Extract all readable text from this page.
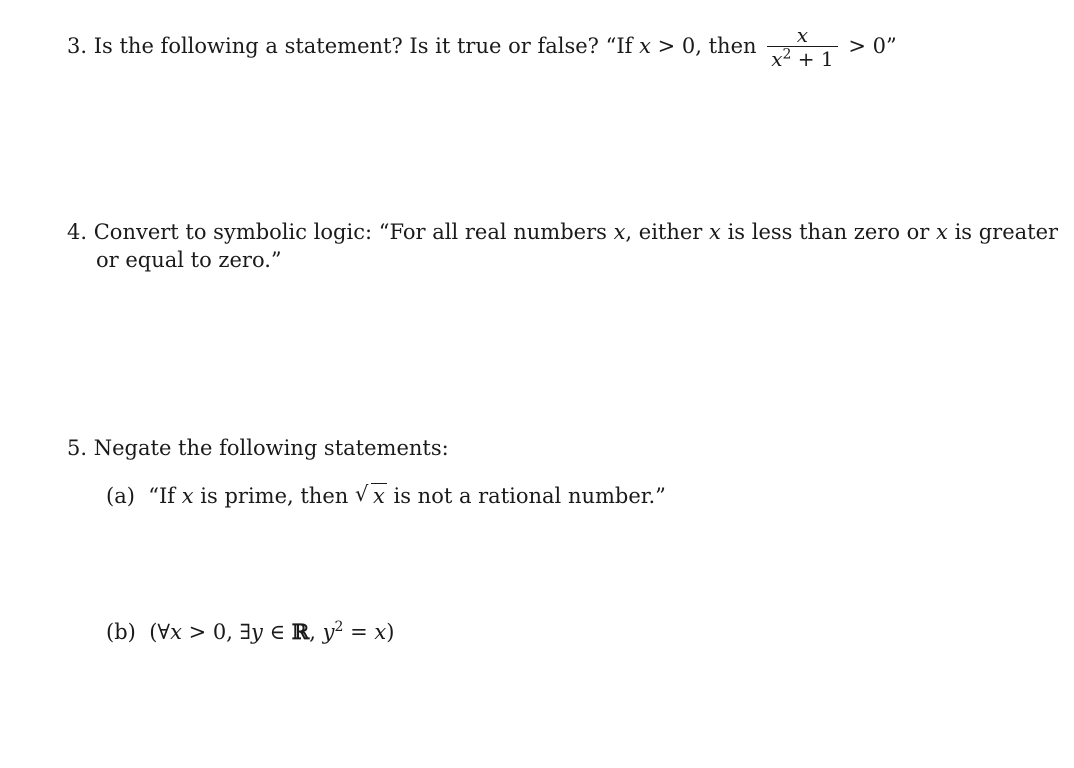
3. Is the following a statement? Is it true or false? “If x > 0, then $\frac{x}{x^2 + 1} > 0$”
4. Convert to symbolic logic: “For all real numbers x, either x is less than zero or x is greater
or equal to zero.”
5. Negate the following statements:
(a) “If x is prime, then √ x is not a rational number.”
(b) (∀x > 0, ∃y ∈ ℝ, $y^2 = x$)
